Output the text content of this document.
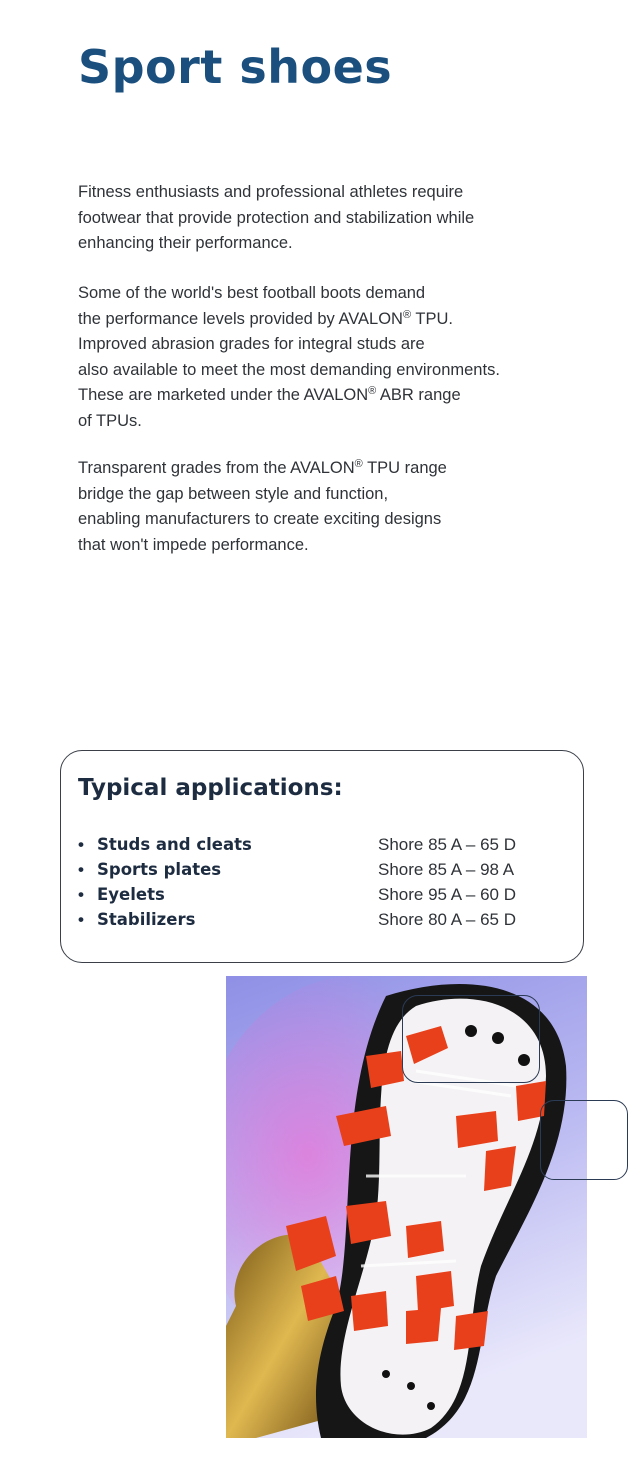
Sport shoes

Fitness enthusiasts and professional athletes require
footwear that provide protection and stabilization while
enhancing their performance.

Some of the world's best football boots demand
the performance levels provided by AVALON® TPU.
Improved abrasion grades for integral studs are
also available to meet the most demanding environments.
These are marketed under the AVALON® ABR range
of TPUs.

Transparent grades from the AVALON® TPU range
bridge the gap between style and function,
enabling manufacturers to create exciting designs
that won't impede performance.

Typical applications:
• Studs and cleats	Shore 85 A – 65 D
• Sports plates	Shore 85 A – 98 A
• Eyelets	Shore 95 A – 60 D
• Stabilizers	Shore 80 A – 65 D
